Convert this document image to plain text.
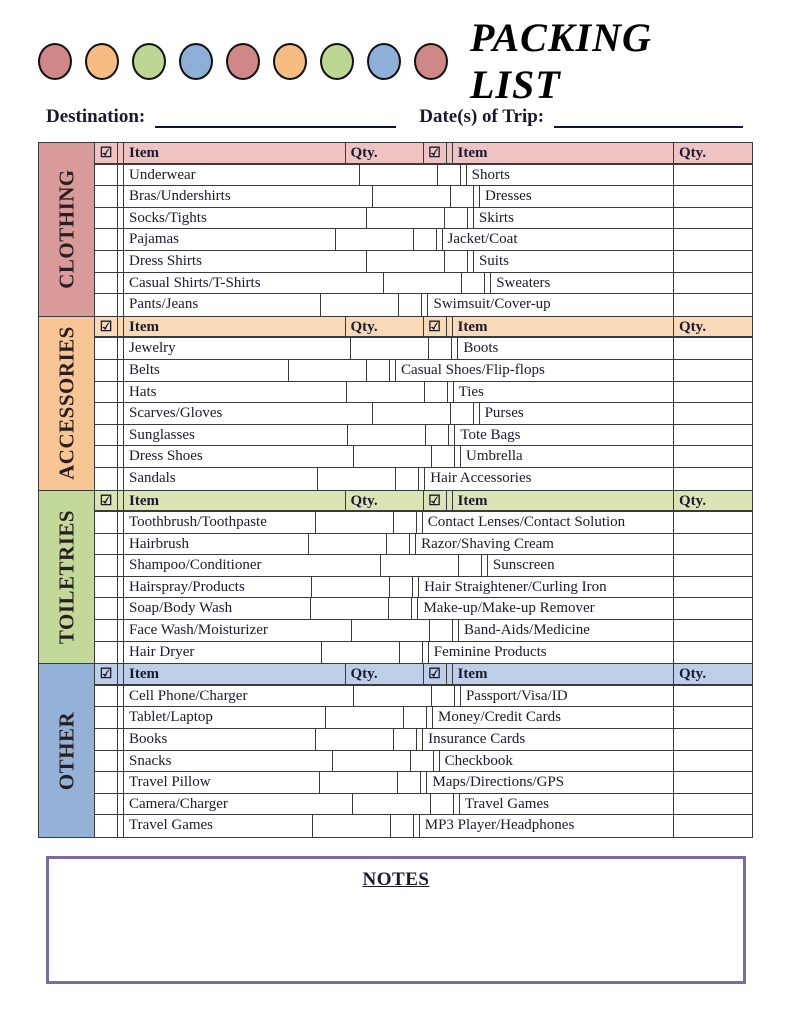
PACKING LIST
Destination:	Date(s) of Trip:
CLOTHING
☑	Item	Qty.	☑	Item	Qty.
Underwear	Shorts
Bras/Undershirts	Dresses
Socks/Tights	Skirts
Pajamas	Jacket/Coat
Dress Shirts	Suits
Casual Shirts/T-Shirts	Sweaters
Pants/Jeans	Swimsuit/Cover-up
ACCESSORIES	☑	Item	Qty.	☑	Item	Qty.
Jewelry	Boots
Belts	Casual Shoes/Flip-flops
Hats	Ties
Scarves/Gloves	Purses
Sunglasses	Tote Bags
Dress Shoes	Umbrella
Sandals	Hair Accessories
TOILETRIES
☑	Item	Qty.	☑	Item	Qty.
Toothbrush/Toothpaste	Contact Lenses/Contact Solution
Hairbrush	Razor/Shaving Cream
Shampoo/Conditioner	Sunscreen
Hairspray/Products	Hair Straightener/Curling Iron
Soap/Body Wash	Make-up/Make-up Remover
Face Wash/Moisturizer	Band-Aids/Medicine
Hair Dryer	Feminine Products
OTHER
☑	Item	Qty.	☑	Item	Qty.
Cell Phone/Charger	Passport/Visa/ID
Tablet/Laptop	Money/Credit Cards
Books	Insurance Cards
Snacks	Checkbook
Travel Pillow	Maps/Directions/GPS
Camera/Charger	Travel Games
Travel Games	MP3 Player/Headphones
NOTES
